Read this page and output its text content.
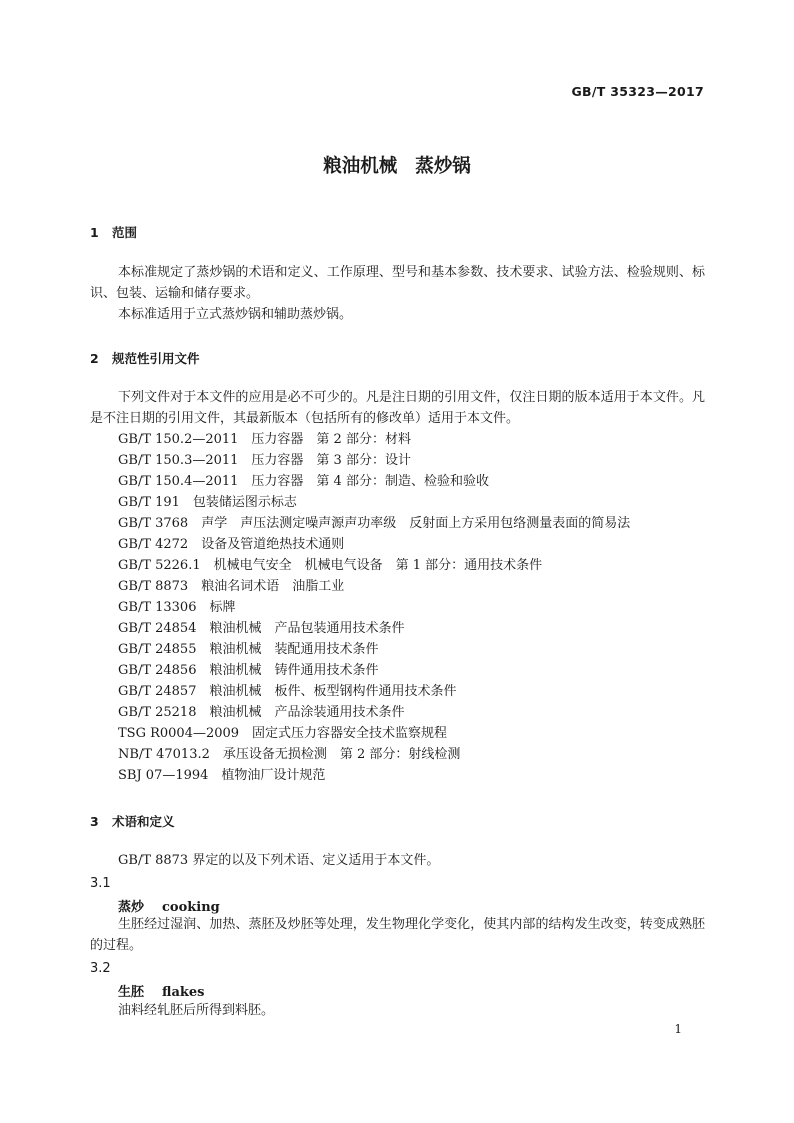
GB/T 35323—2017
粮油机械 蒸炒锅
1 范围
本标准规定了蒸炒锅的术语和定义、工作原理、型号和基本参数、技术要求、试验方法、检验规则、标识、包装、运输和储存要求。
本标准适用于立式蒸炒锅和辅助蒸炒锅。
2 规范性引用文件
下列文件对于本文件的应用是必不可少的。凡是注日期的引用文件，仅注日期的版本适用于本文件。凡是不注日期的引用文件，其最新版本（包括所有的修改单）适用于本文件。
GB/T 150.2—2011　压力容器　第 2 部分：材料
GB/T 150.3—2011　压力容器　第 3 部分：设计
GB/T 150.4—2011　压力容器　第 4 部分：制造、检验和验收
GB/T 191　包装储运图示标志
GB/T 3768　声学　声压法测定噪声源声功率级　反射面上方采用包络测量表面的简易法
GB/T 4272　设备及管道绝热技术通则
GB/T 5226.1　机械电气安全　机械电气设备　第 1 部分：通用技术条件
GB/T 8873　粮油名词术语　油脂工业
GB/T 13306　标牌
GB/T 24854　粮油机械　产品包装通用技术条件
GB/T 24855　粮油机械　装配通用技术条件
GB/T 24856　粮油机械　铸件通用技术条件
GB/T 24857　粮油机械　板件、板型钢构件通用技术条件
GB/T 25218　粮油机械　产品涂装通用技术条件
TSG R0004—2009　固定式压力容器安全技术监察规程
NB/T 47013.2　承压设备无损检测　第 2 部分：射线检测
SBJ 07—1994　植物油厂设计规范
3 术语和定义
GB/T 8873 界定的以及下列术语、定义适用于本文件。
3.1
蒸炒 cooking
生胚经过湿润、加热、蒸胚及炒胚等处理，发生物理化学变化，使其内部的结构发生改变，转变成熟胚的过程。
3.2
生胚 flakes
油料经轧胚后所得到料胚。
1
